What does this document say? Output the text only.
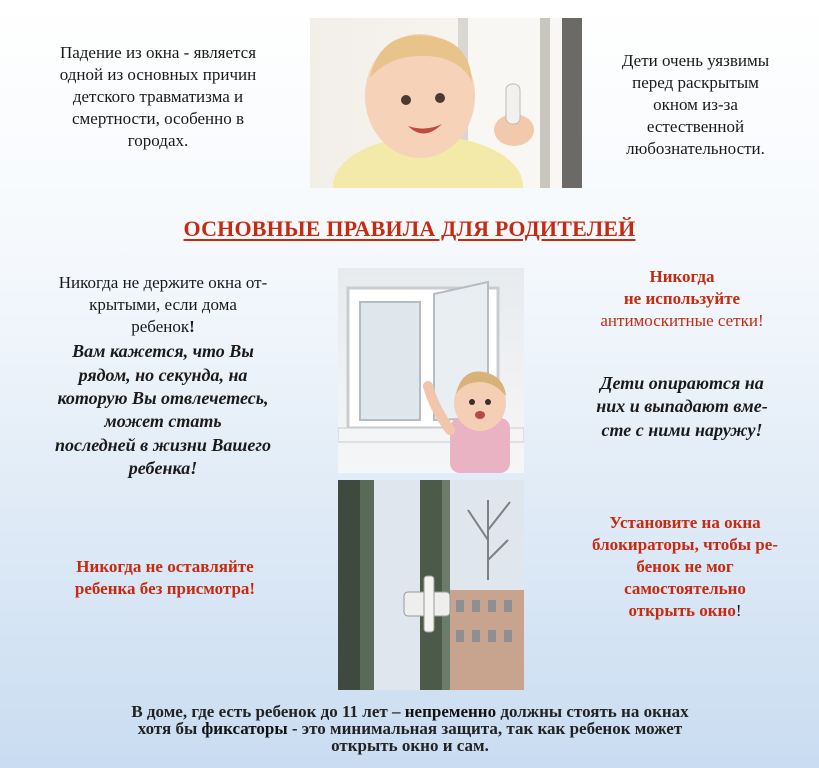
Падение из окна - является
одной из основных причин
детского травматизма и
смертности, особенно в
городах.
Дети очень уязвимы
перед раскрытым
окном из-за
естественной
любознательности.
ОСНОВНЫЕ ПРАВИЛА ДЛЯ РОДИТЕЛЕЙ
Никогда не держите окна от-
крытыми, если дома
ребенок!
Вам кажется, что Вы
рядом, но секунда, на
которую Вы отвлечетесь,
может стать
последней в жизни Вашего
ребенка!
Никогда
не используйте
антимоскитные сетки!
Дети опираются на
них и выпадают вме-
сте с ними наружу!
Никогда не оставляйте
ребенка без присмотра!
Установите на окна
блокираторы, чтобы ре-
бенок не мог
самостоятельно
открыть окно!
В доме, где есть ребенок до 11 лет – непременно должны стоять на окнах
хотя бы фиксаторы - это минимальная защита, так как ребенок может
открыть окно и сам.
